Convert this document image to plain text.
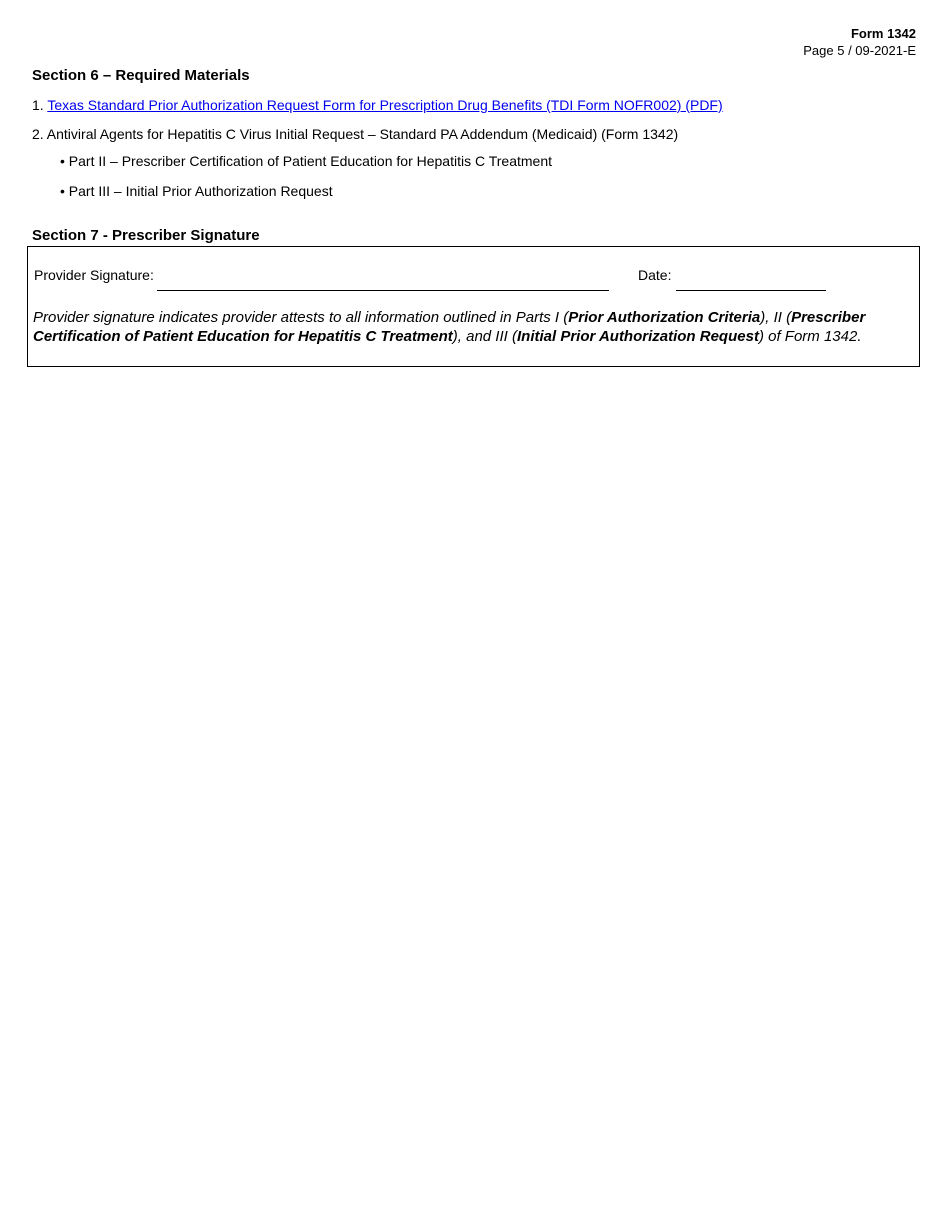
Form 1342
Page 5 / 09-2021-E
Section 6 – Required Materials
1. Texas Standard Prior Authorization Request Form for Prescription Drug Benefits (TDI Form NOFR002) (PDF)
2. Antiviral Agents for Hepatitis C Virus Initial Request – Standard PA Addendum (Medicaid) (Form 1342)
• Part II – Prescriber Certification of Patient Education for Hepatitis C Treatment
• Part III – Initial Prior Authorization Request
Section 7 - Prescriber Signature
Provider Signature:	Date:
Provider signature indicates provider attests to all information outlined in Parts I (Prior Authorization Criteria), II (Prescriber Certification of Patient Education for Hepatitis C Treatment), and III (Initial Prior Authorization Request) of Form 1342.
